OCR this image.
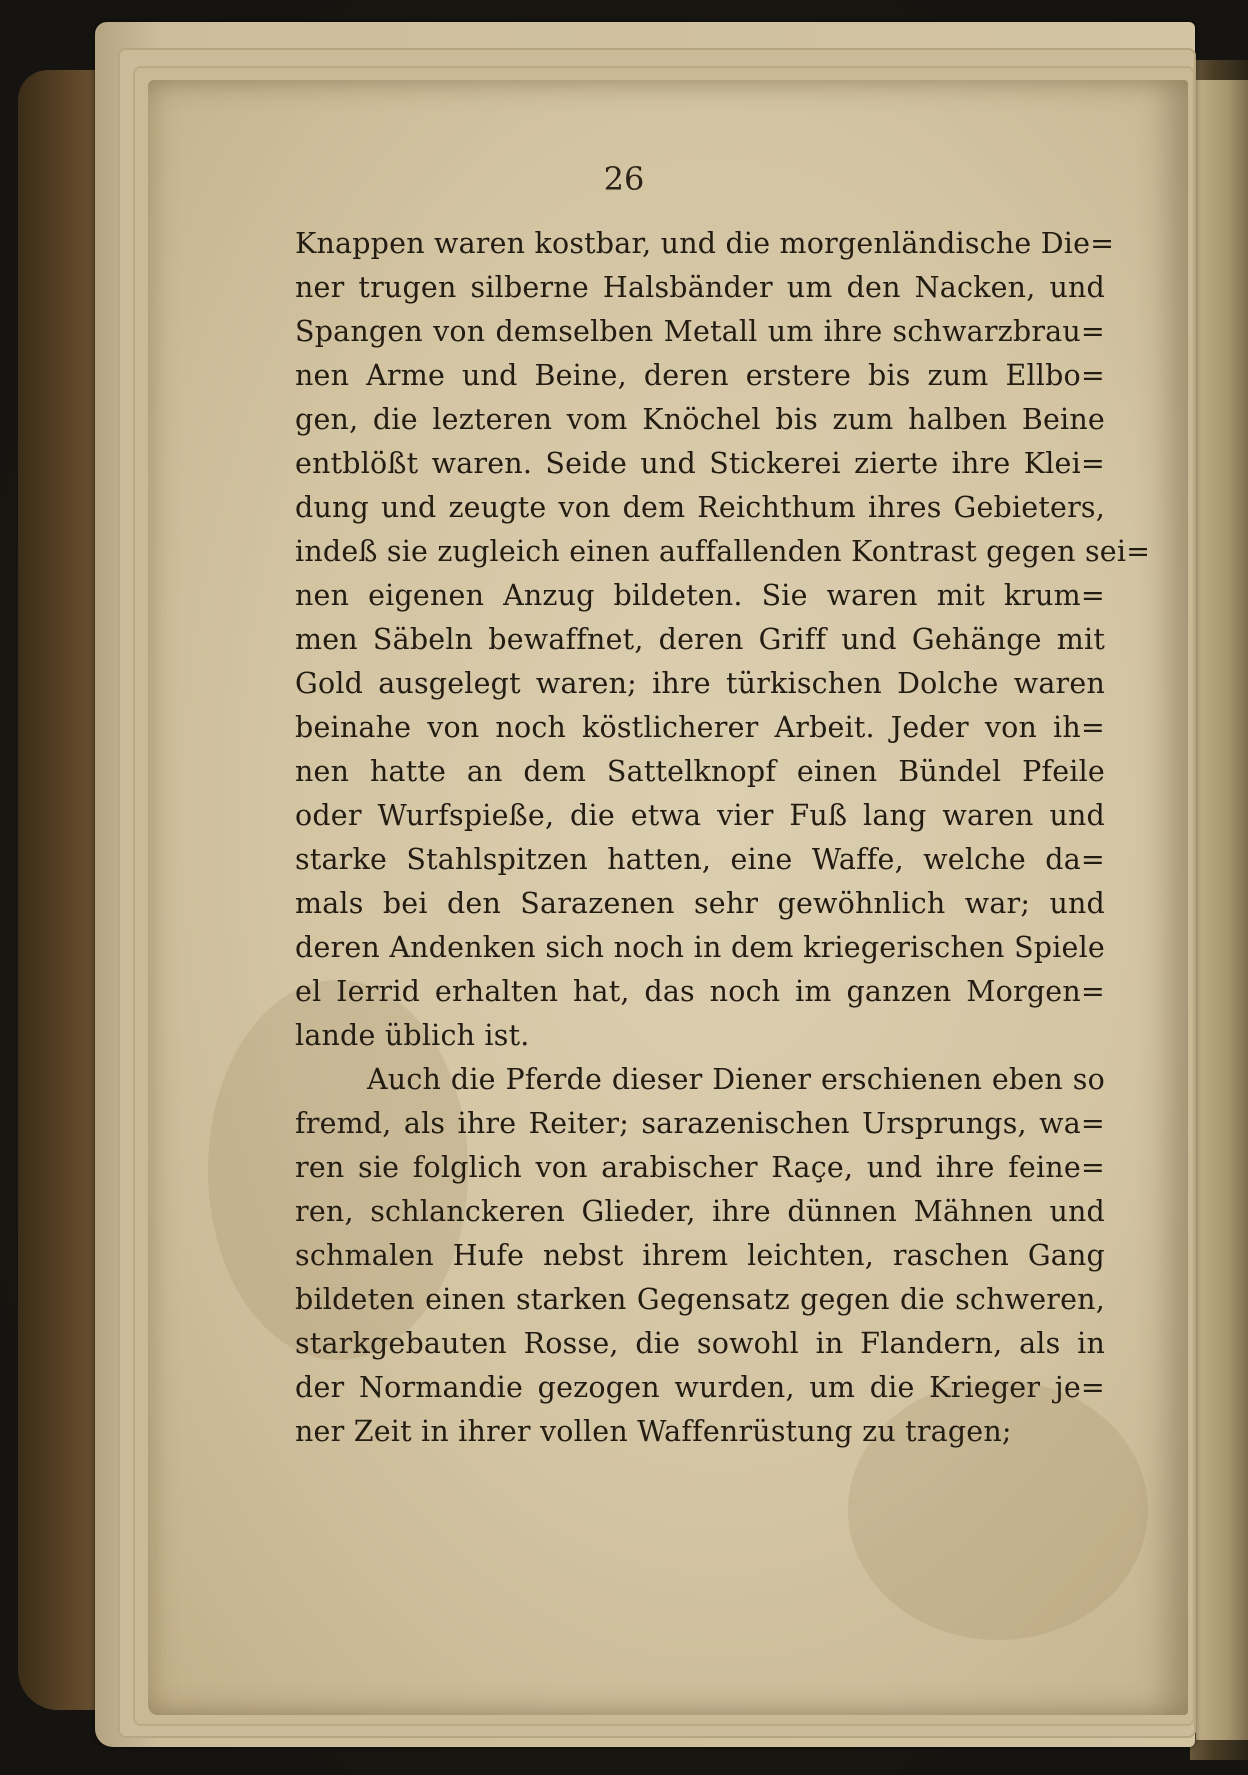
26
Knappen waren kostbar, und die morgenländische Die=
ner trugen silberne Halsbänder um den Nacken, und
Spangen von demselben Metall um ihre schwarzbrau=
nen Arme und Beine, deren erstere bis zum Ellbo=
gen, die lezteren vom Knöchel bis zum halben Beine
entblößt waren. Seide und Stickerei zierte ihre Klei=
dung und zeugte von dem Reichthum ihres Gebieters,
indeß sie zugleich einen auffallenden Kontrast gegen sei=
nen eigenen Anzug bildeten. Sie waren mit krum=
men Säbeln bewaffnet, deren Griff und Gehänge mit
Gold ausgelegt waren; ihre türkischen Dolche waren
beinahe von noch köstlicherer Arbeit. Jeder von ih=
nen hatte an dem Sattelknopf einen Bündel Pfeile
oder Wurfspieße, die etwa vier Fuß lang waren und
starke Stahlspitzen hatten, eine Waffe, welche da=
mals bei den Sarazenen sehr gewöhnlich war; und
deren Andenken sich noch in dem kriegerischen Spiele
el Ierrid erhalten hat, das noch im ganzen Morgen=
lande üblich ist.
Auch die Pferde dieser Diener erschienen eben so
fremd, als ihre Reiter; sarazenischen Ursprungs, wa=
ren sie folglich von arabischer Raçe, und ihre feine=
ren, schlanckeren Glieder, ihre dünnen Mähnen und
schmalen Hufe nebst ihrem leichten, raschen Gang
bildeten einen starken Gegensatz gegen die schweren,
starkgebauten Rosse, die sowohl in Flandern, als in
der Normandie gezogen wurden, um die Krieger je=
ner Zeit in ihrer vollen Waffenrüstung zu tragen;
